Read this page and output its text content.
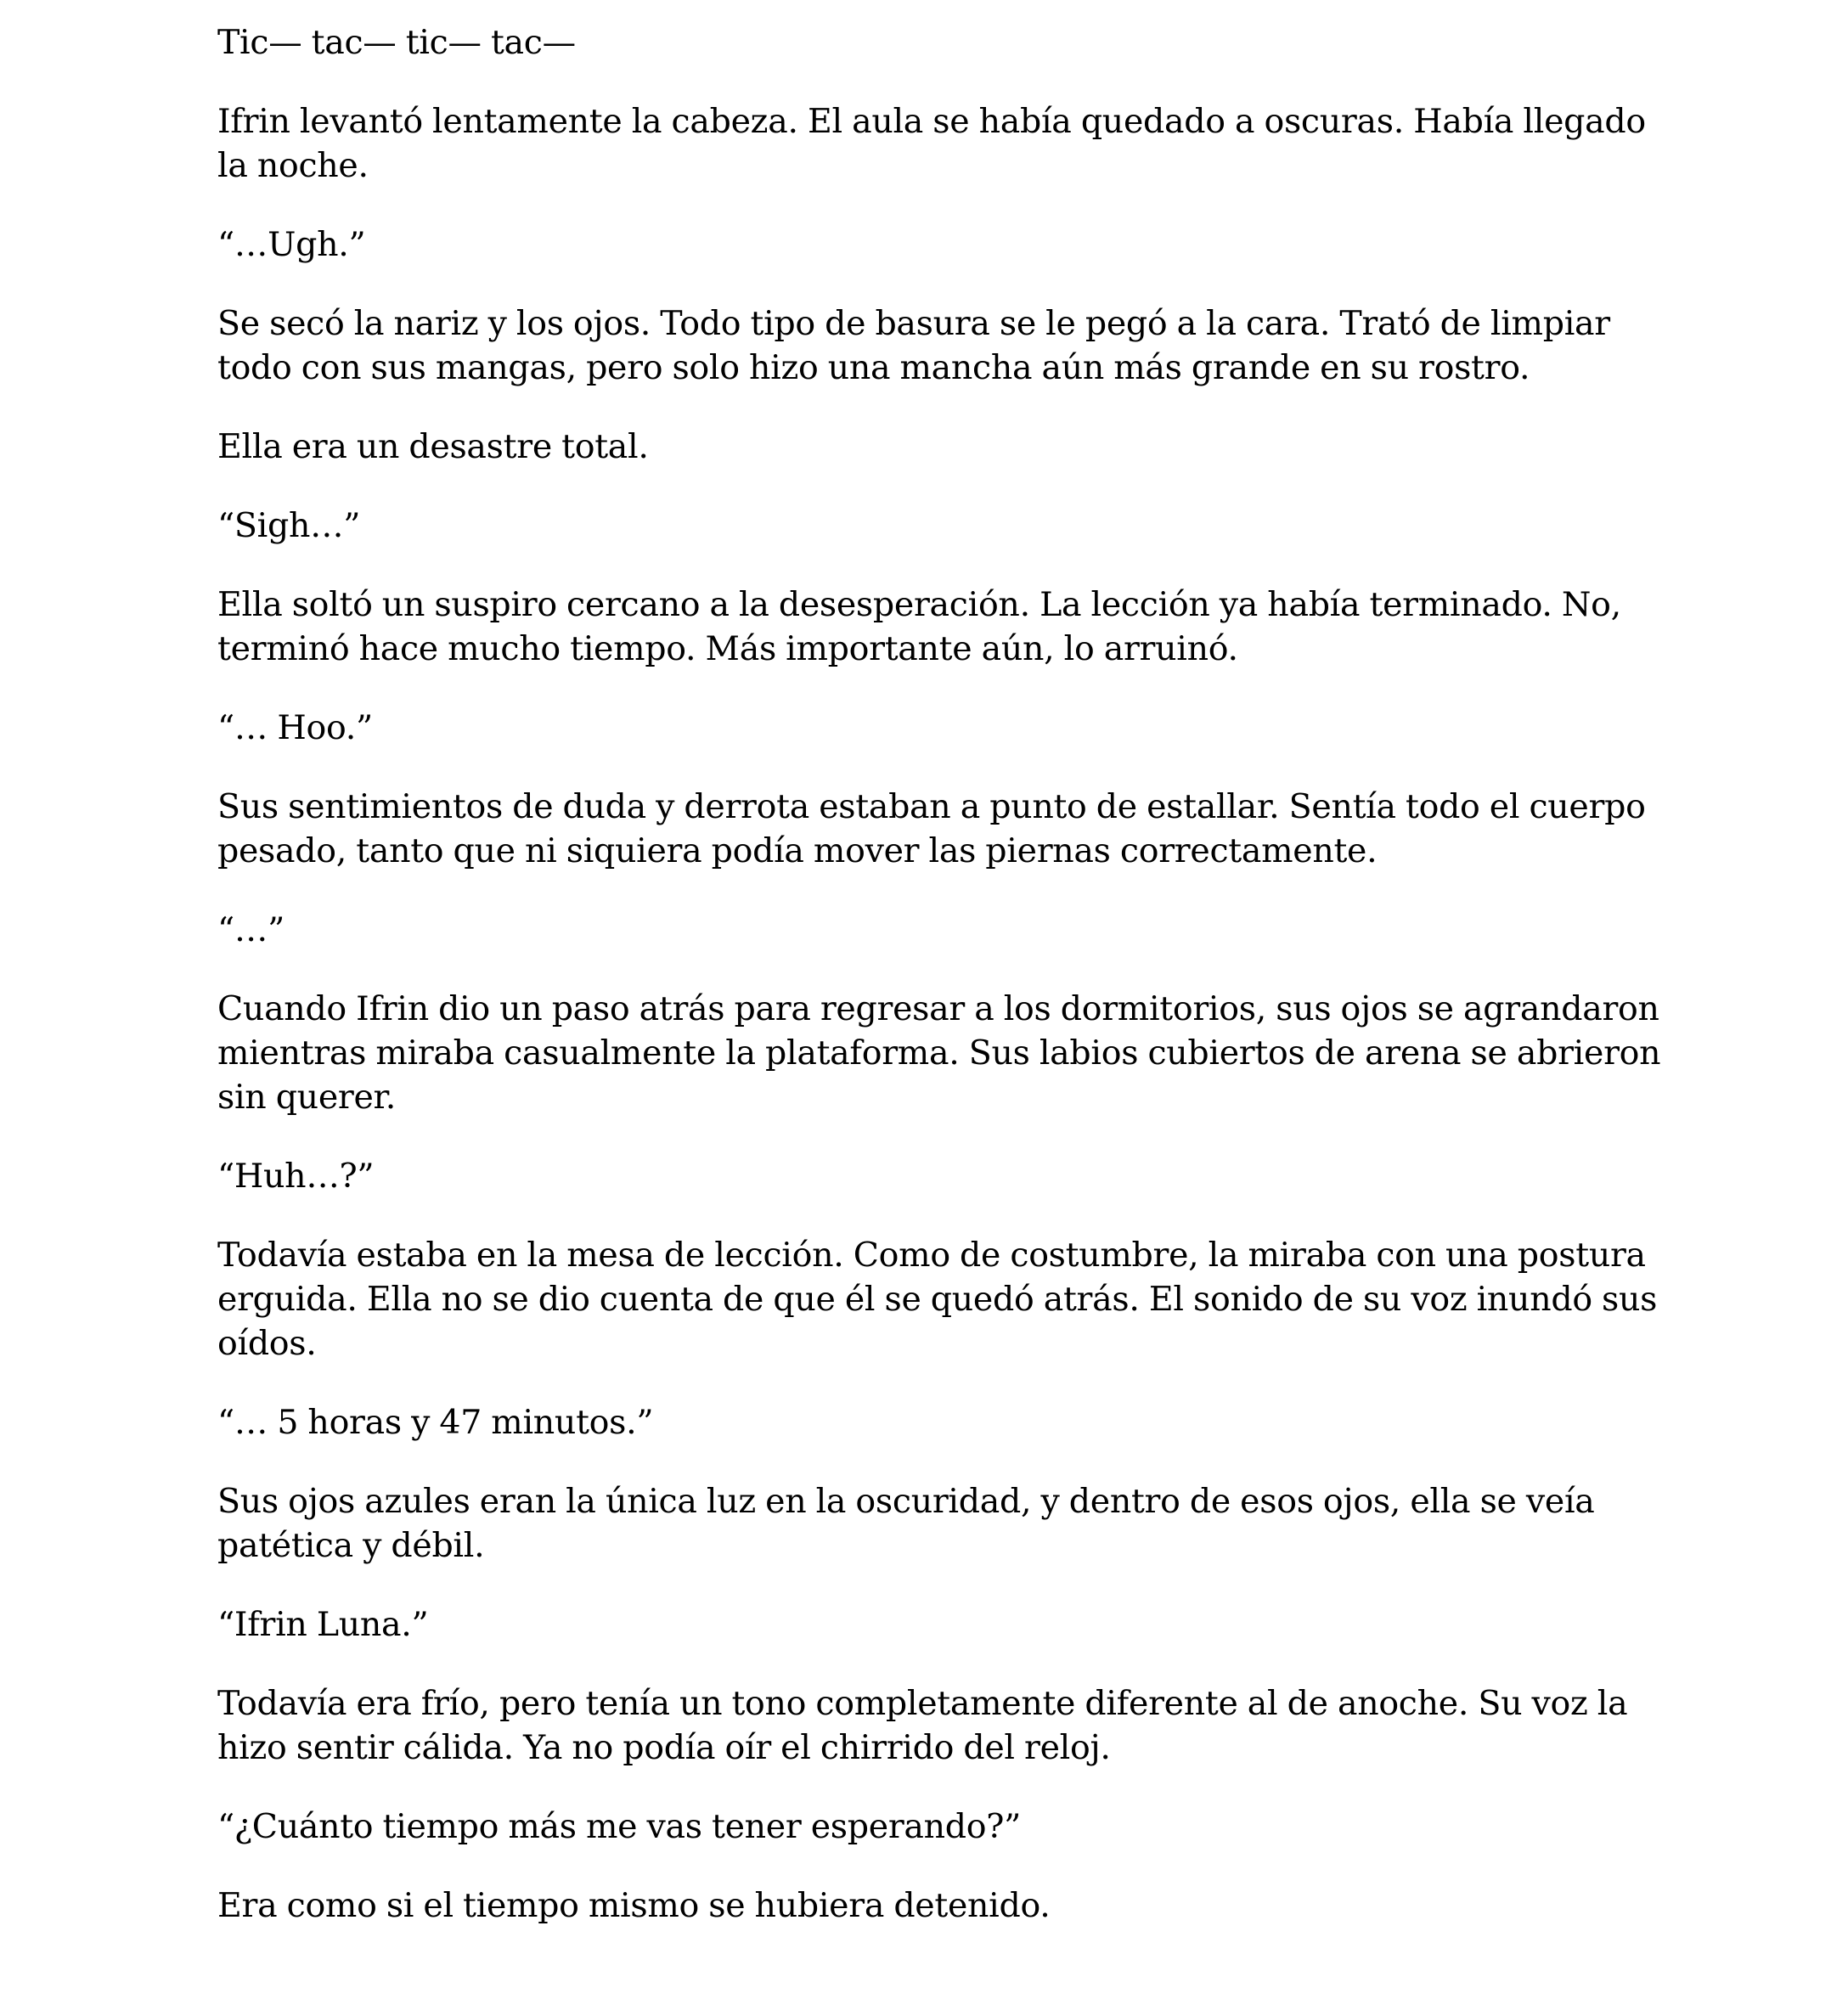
Tic— tac— tic— tac—

Ifrin levantó lentamente la cabeza. El aula se había quedado a oscuras. Había llegado la noche.

“…Ugh.”

Se secó la nariz y los ojos. Todo tipo de basura se le pegó a la cara. Trató de limpiar todo con sus mangas, pero solo hizo una mancha aún más grande en su rostro.

Ella era un desastre total.

“Sigh…”

Ella soltó un suspiro cercano a la desesperación. La lección ya había terminado. No, terminó hace mucho tiempo. Más importante aún, lo arruinó.

“… Hoo.”

Sus sentimientos de duda y derrota estaban a punto de estallar. Sentía todo el cuerpo pesado, tanto que ni siquiera podía mover las piernas correctamente.

“…”

Cuando Ifrin dio un paso atrás para regresar a los dormitorios, sus ojos se agrandaron mientras miraba casualmente la plataforma. Sus labios cubiertos de arena se abrieron sin querer.

“Huh…?”

Todavía estaba en la mesa de lección. Como de costumbre, la miraba con una postura erguida. Ella no se dio cuenta de que él se quedó atrás. El sonido de su voz inundó sus oídos.

“… 5 horas y 47 minutos.”

Sus ojos azules eran la única luz en la oscuridad, y dentro de esos ojos, ella se veía patética y débil.

“Ifrin Luna.”

Todavía era frío, pero tenía un tono completamente diferente al de anoche. Su voz la hizo sentir cálida. Ya no podía oír el chirrido del reloj.

“¿Cuánto tiempo más me vas tener esperando?”

Era como si el tiempo mismo se hubiera detenido.
